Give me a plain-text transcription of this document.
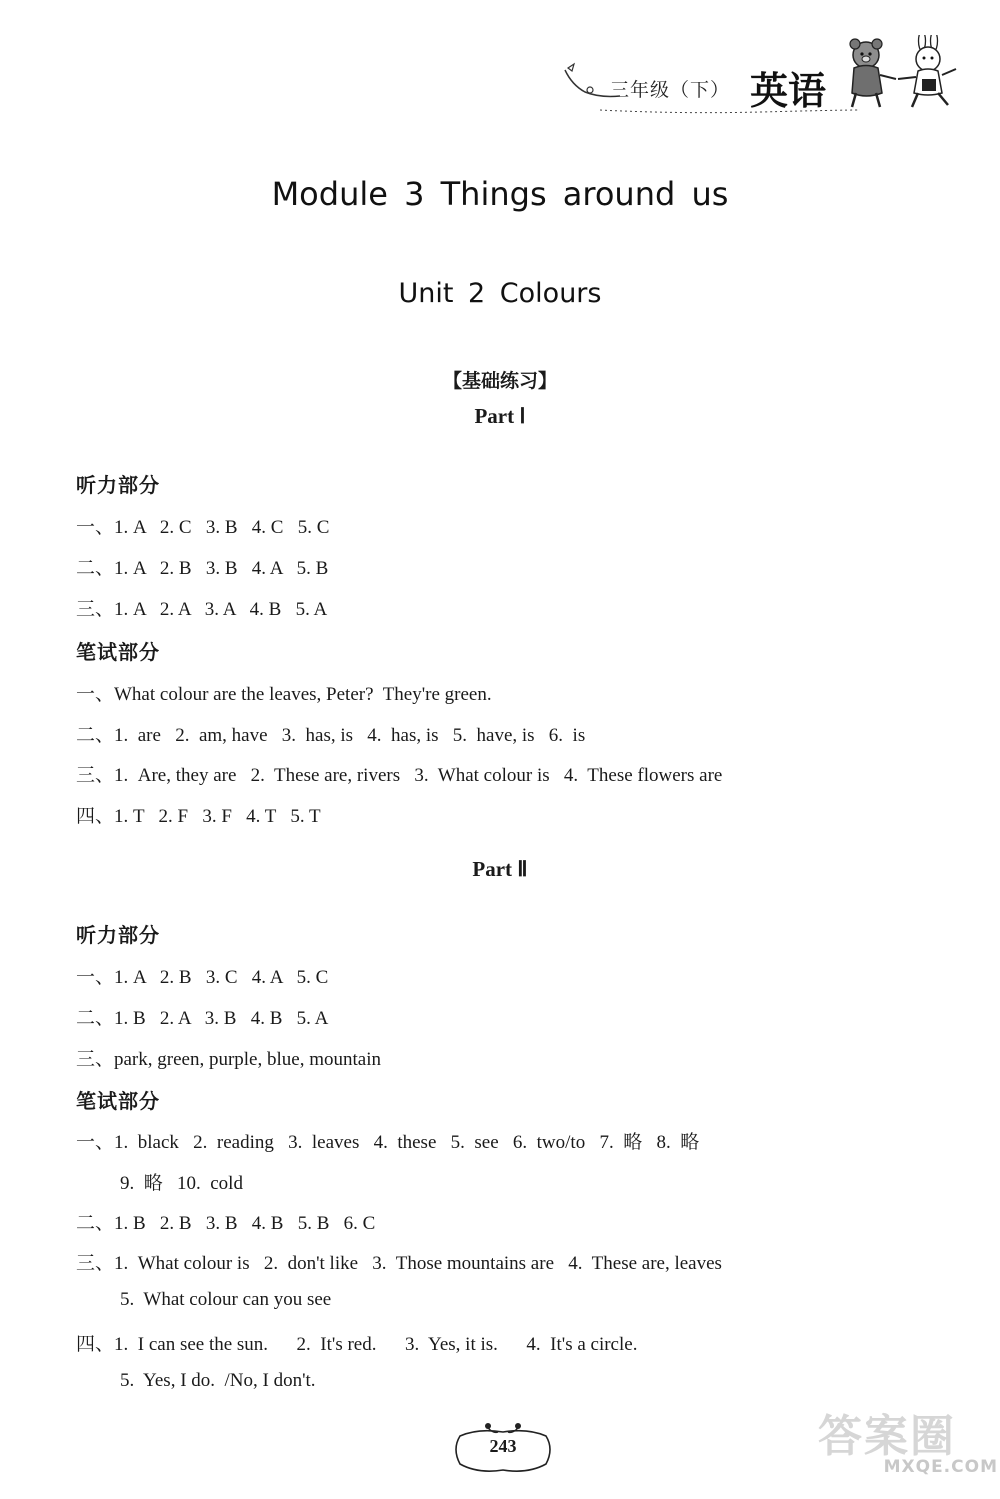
三年级（下） 英语
Module 3 Things around us
Unit 2 Colours
【基础练习】
Part Ⅰ
听力部分
一、1. A   2. C   3. B   4. C   5. C
二、1. A   2. B   3. B   4. A   5. B
三、1. A   2. A   3. A   4. B   5. A
笔试部分
一、What colour are the leaves, Peter?  They're green.
二、1.  are   2.  am, have   3.  has, is   4.  has, is   5.  have, is   6.  is
三、1.  Are, they are   2.  These are, rivers   3.  What colour is   4.  These flowers are
四、1. T   2. F   3. F   4. T   5. T
Part Ⅱ
听力部分
一、1. A   2. B   3. C   4. A   5. C
二、1. B   2. A   3. B   4. B   5. A
三、park, green, purple, blue, mountain
笔试部分
一、1.  black   2.  reading   3.  leaves   4.  these   5.  see   6.  two/to   7.  略   8.  略
9.  略   10.  cold
二、1. B   2. B   3. B   4. B   5. B   6. C
三、1.  What colour is   2.  don't like   3.  Those mountains are   4.  These are, leaves
5.  What colour can you see
四、1.  I can see the sun.      2.  It's red.      3.  Yes, it is.      4.  It's a circle.
5.  Yes, I do.  /No, I don't.
243	答案圈
MXQE.COM
